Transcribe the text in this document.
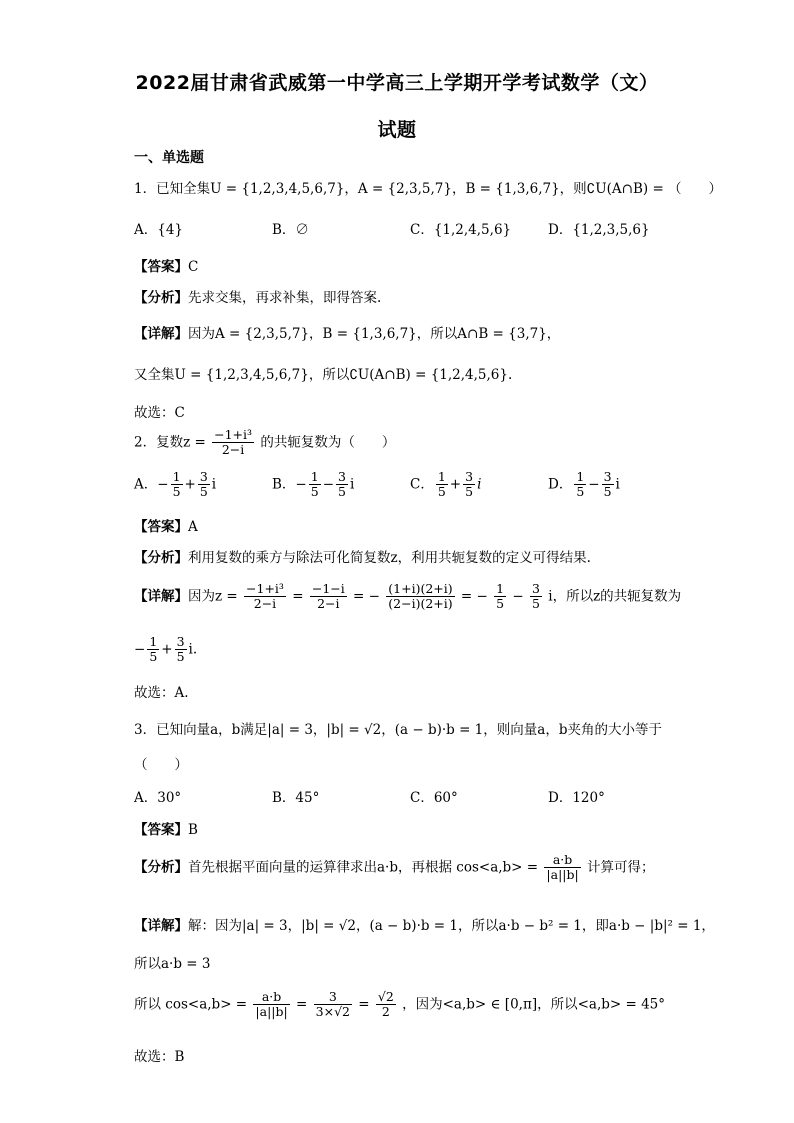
2022届甘肃省武威第一中学高三上学期开学考试数学（文）
试题
一、单选题
1．已知全集U = {1,2,3,4,5,6,7}，A = {2,3,5,7}，B = {1,3,6,7}，则∁U(A∩B) = （　　）
A．{4}	B．∅	C．{1,2,4,5,6}	D．{1,2,3,5,6}
【答案】C
【分析】先求交集，再求补集，即得答案.
【详解】因为A = {2,3,5,7}，B = {1,3,6,7}，所以A∩B = {3,7}，
又全集U = {1,2,3,4,5,6,7}，所以∁U(A∩B) = {1,2,4,5,6}.
故选：C
2．复数$z = \frac{\text{−1+i³}}{2-i}$ 的共轭复数为（　　）
A．− $\frac{1}{5} + \frac{3}{5}$ i	B．− $\frac{1}{5} - \frac{3}{5}$ i	C． $\frac{1}{5} + \frac{3}{5}$ i	D． $\frac{1}{5} - \frac{3}{5}$ i
【答案】A
【分析】利用复数的乘方与除法可化简复数z，利用共轭复数的定义可得结果.
【详解】因为$z = \frac{\text{−1+i³}}{2-i} = \frac{-1-i}{2-i}$ = − $\frac{(1+i)(2+i)}{(2-i)(2+i)}$ = − $\frac{1}{5} - \frac{3}{5}$ i，所以z的共轭复数为
− $\frac{1}{5} + \frac{3}{5} i$.
故选：A.
3．已知向量a，b满足|a| = 3，|b| = √2，(a − b)·b = 1，则向量a，b夹角的大小等于
（　　）
A．30°	B．45°	C．60°	D．120°
【答案】B
【分析】首先根据平面向量的运算律求出a·b，再根据 $\cos<a,b> = \frac{a\cdot b}{|a||b|}$ 计算可得；
【详解】解：因为|a| = 3，|b| = √2，(a − b)·b = 1，所以a·b − b² = 1，即a·b − |b|² = 1，
所以a·b = 3
所以 $\cos<a,b> = \frac{a\cdot b}{|a||b|} = \frac{3}{3\times√2} = \frac{√2}{2}$ ，因为<a,b> ∈ [0,π]，所以<a,b> = 45°
故选：B
